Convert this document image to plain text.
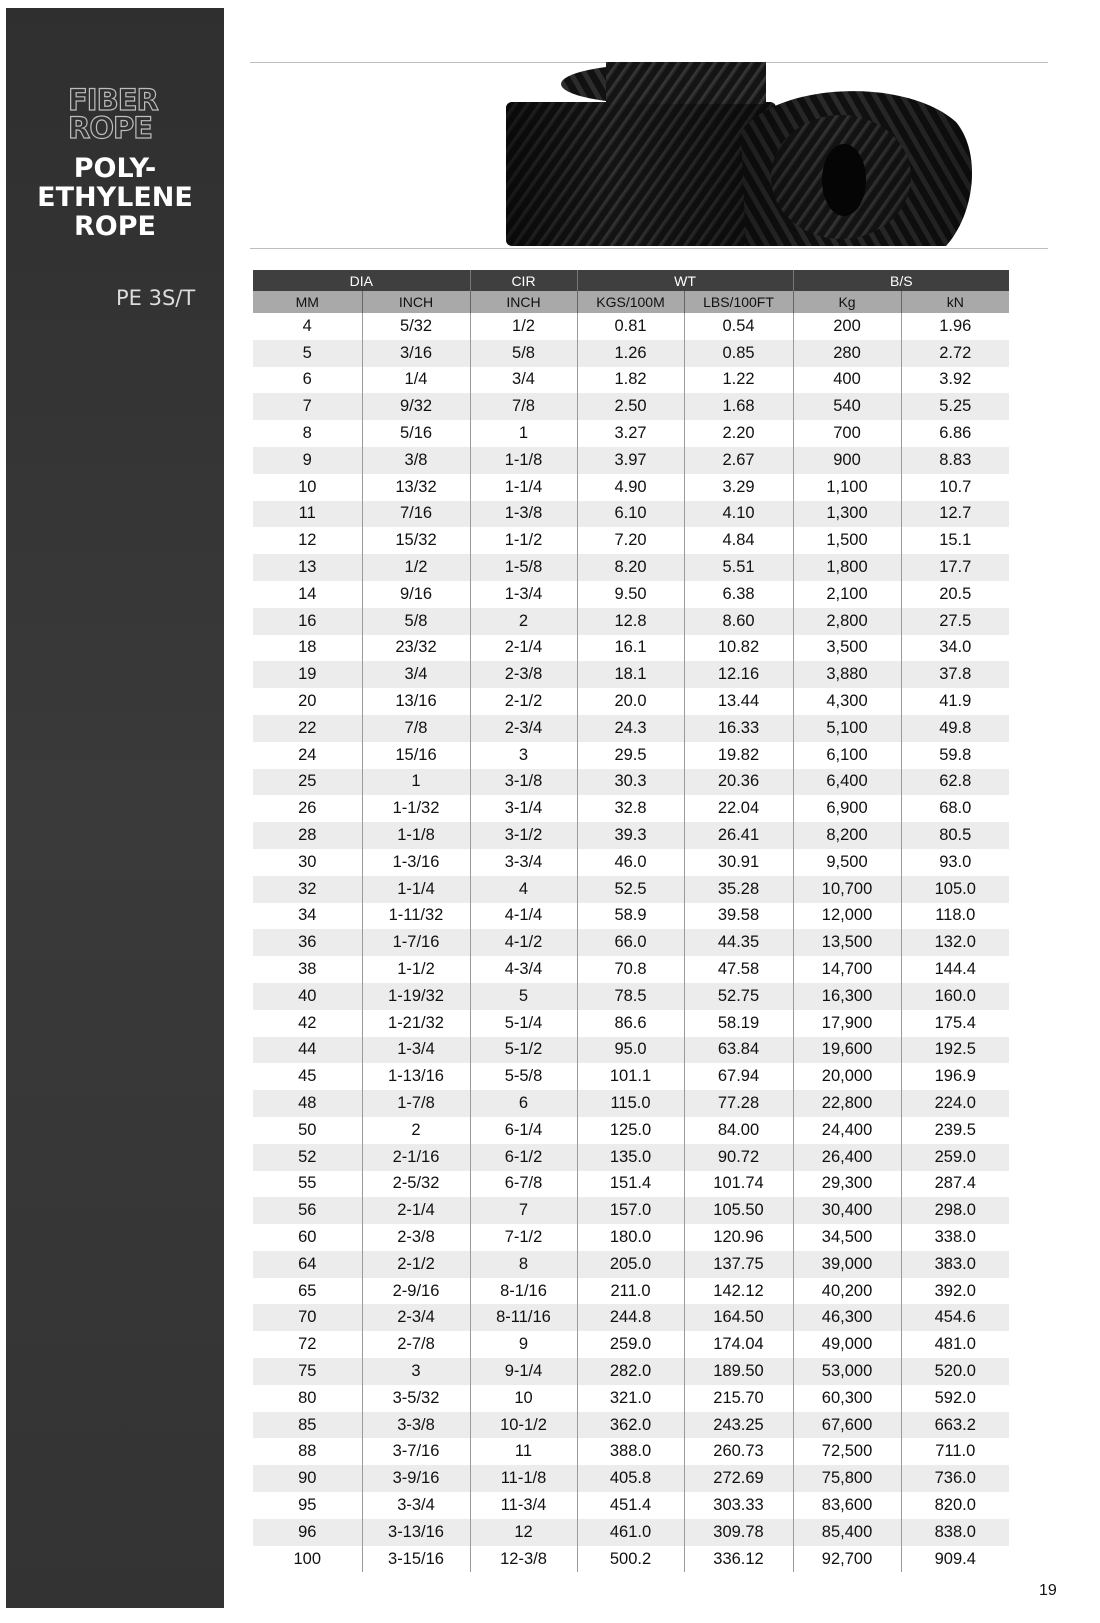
FIBER
ROPE
POLY-
ETHYLENE
ROPE
PE 3S/T
DIA		CIR	WT		B/S	
MM	INCH	INCH	KGS/100M	LBS/100FT	Kg	kN
4	5/32	1/2	0.81	0.54	200	1.96
5	3/16	5/8	1.26	0.85	280	2.72
6	1/4	3/4	1.82	1.22	400	3.92
7	9/32	7/8	2.50	1.68	540	5.25
8	5/16	1	3.27	2.20	700	6.86
9	3/8	1-1/8	3.97	2.67	900	8.83
10	13/32	1-1/4	4.90	3.29	1,100	10.7
11	7/16	1-3/8	6.10	4.10	1,300	12.7
12	15/32	1-1/2	7.20	4.84	1,500	15.1
13	1/2	1-5/8	8.20	5.51	1,800	17.7
14	9/16	1-3/4	9.50	6.38	2,100	20.5
16	5/8	2	12.8	8.60	2,800	27.5
18	23/32	2-1/4	16.1	10.82	3,500	34.0
19	3/4	2-3/8	18.1	12.16	3,880	37.8
20	13/16	2-1/2	20.0	13.44	4,300	41.9
22	7/8	2-3/4	24.3	16.33	5,100	49.8
24	15/16	3	29.5	19.82	6,100	59.8
25	1	3-1/8	30.3	20.36	6,400	62.8
26	1-1/32	3-1/4	32.8	22.04	6,900	68.0
28	1-1/8	3-1/2	39.3	26.41	8,200	80.5
30	1-3/16	3-3/4	46.0	30.91	9,500	93.0
32	1-1/4	4	52.5	35.28	10,700	105.0
34	1-11/32	4-1/4	58.9	39.58	12,000	118.0
36	1-7/16	4-1/2	66.0	44.35	13,500	132.0
38	1-1/2	4-3/4	70.8	47.58	14,700	144.4
40	1-19/32	5	78.5	52.75	16,300	160.0
42	1-21/32	5-1/4	86.6	58.19	17,900	175.4
44	1-3/4	5-1/2	95.0	63.84	19,600	192.5
45	1-13/16	5-5/8	101.1	67.94	20,000	196.9
48	1-7/8	6	115.0	77.28	22,800	224.0
50	2	6-1/4	125.0	84.00	24,400	239.5
52	2-1/16	6-1/2	135.0	90.72	26,400	259.0
55	2-5/32	6-7/8	151.4	101.74	29,300	287.4
56	2-1/4	7	157.0	105.50	30,400	298.0
60	2-3/8	7-1/2	180.0	120.96	34,500	338.0
64	2-1/2	8	205.0	137.75	39,000	383.0
65	2-9/16	8-1/16	211.0	142.12	40,200	392.0
70	2-3/4	8-11/16	244.8	164.50	46,300	454.6
72	2-7/8	9	259.0	174.04	49,000	481.0
75	3	9-1/4	282.0	189.50	53,000	520.0
80	3-5/32	10	321.0	215.70	60,300	592.0
85	3-3/8	10-1/2	362.0	243.25	67,600	663.2
88	3-7/16	11	388.0	260.73	72,500	711.0
90	3-9/16	11-1/8	405.8	272.69	75,800	736.0
95	3-3/4	11-3/4	451.4	303.33	83,600	820.0
96	3-13/16	12	461.0	309.78	85,400	838.0
100	3-15/16	12-3/8	500.2	336.12	92,700	909.4
19
